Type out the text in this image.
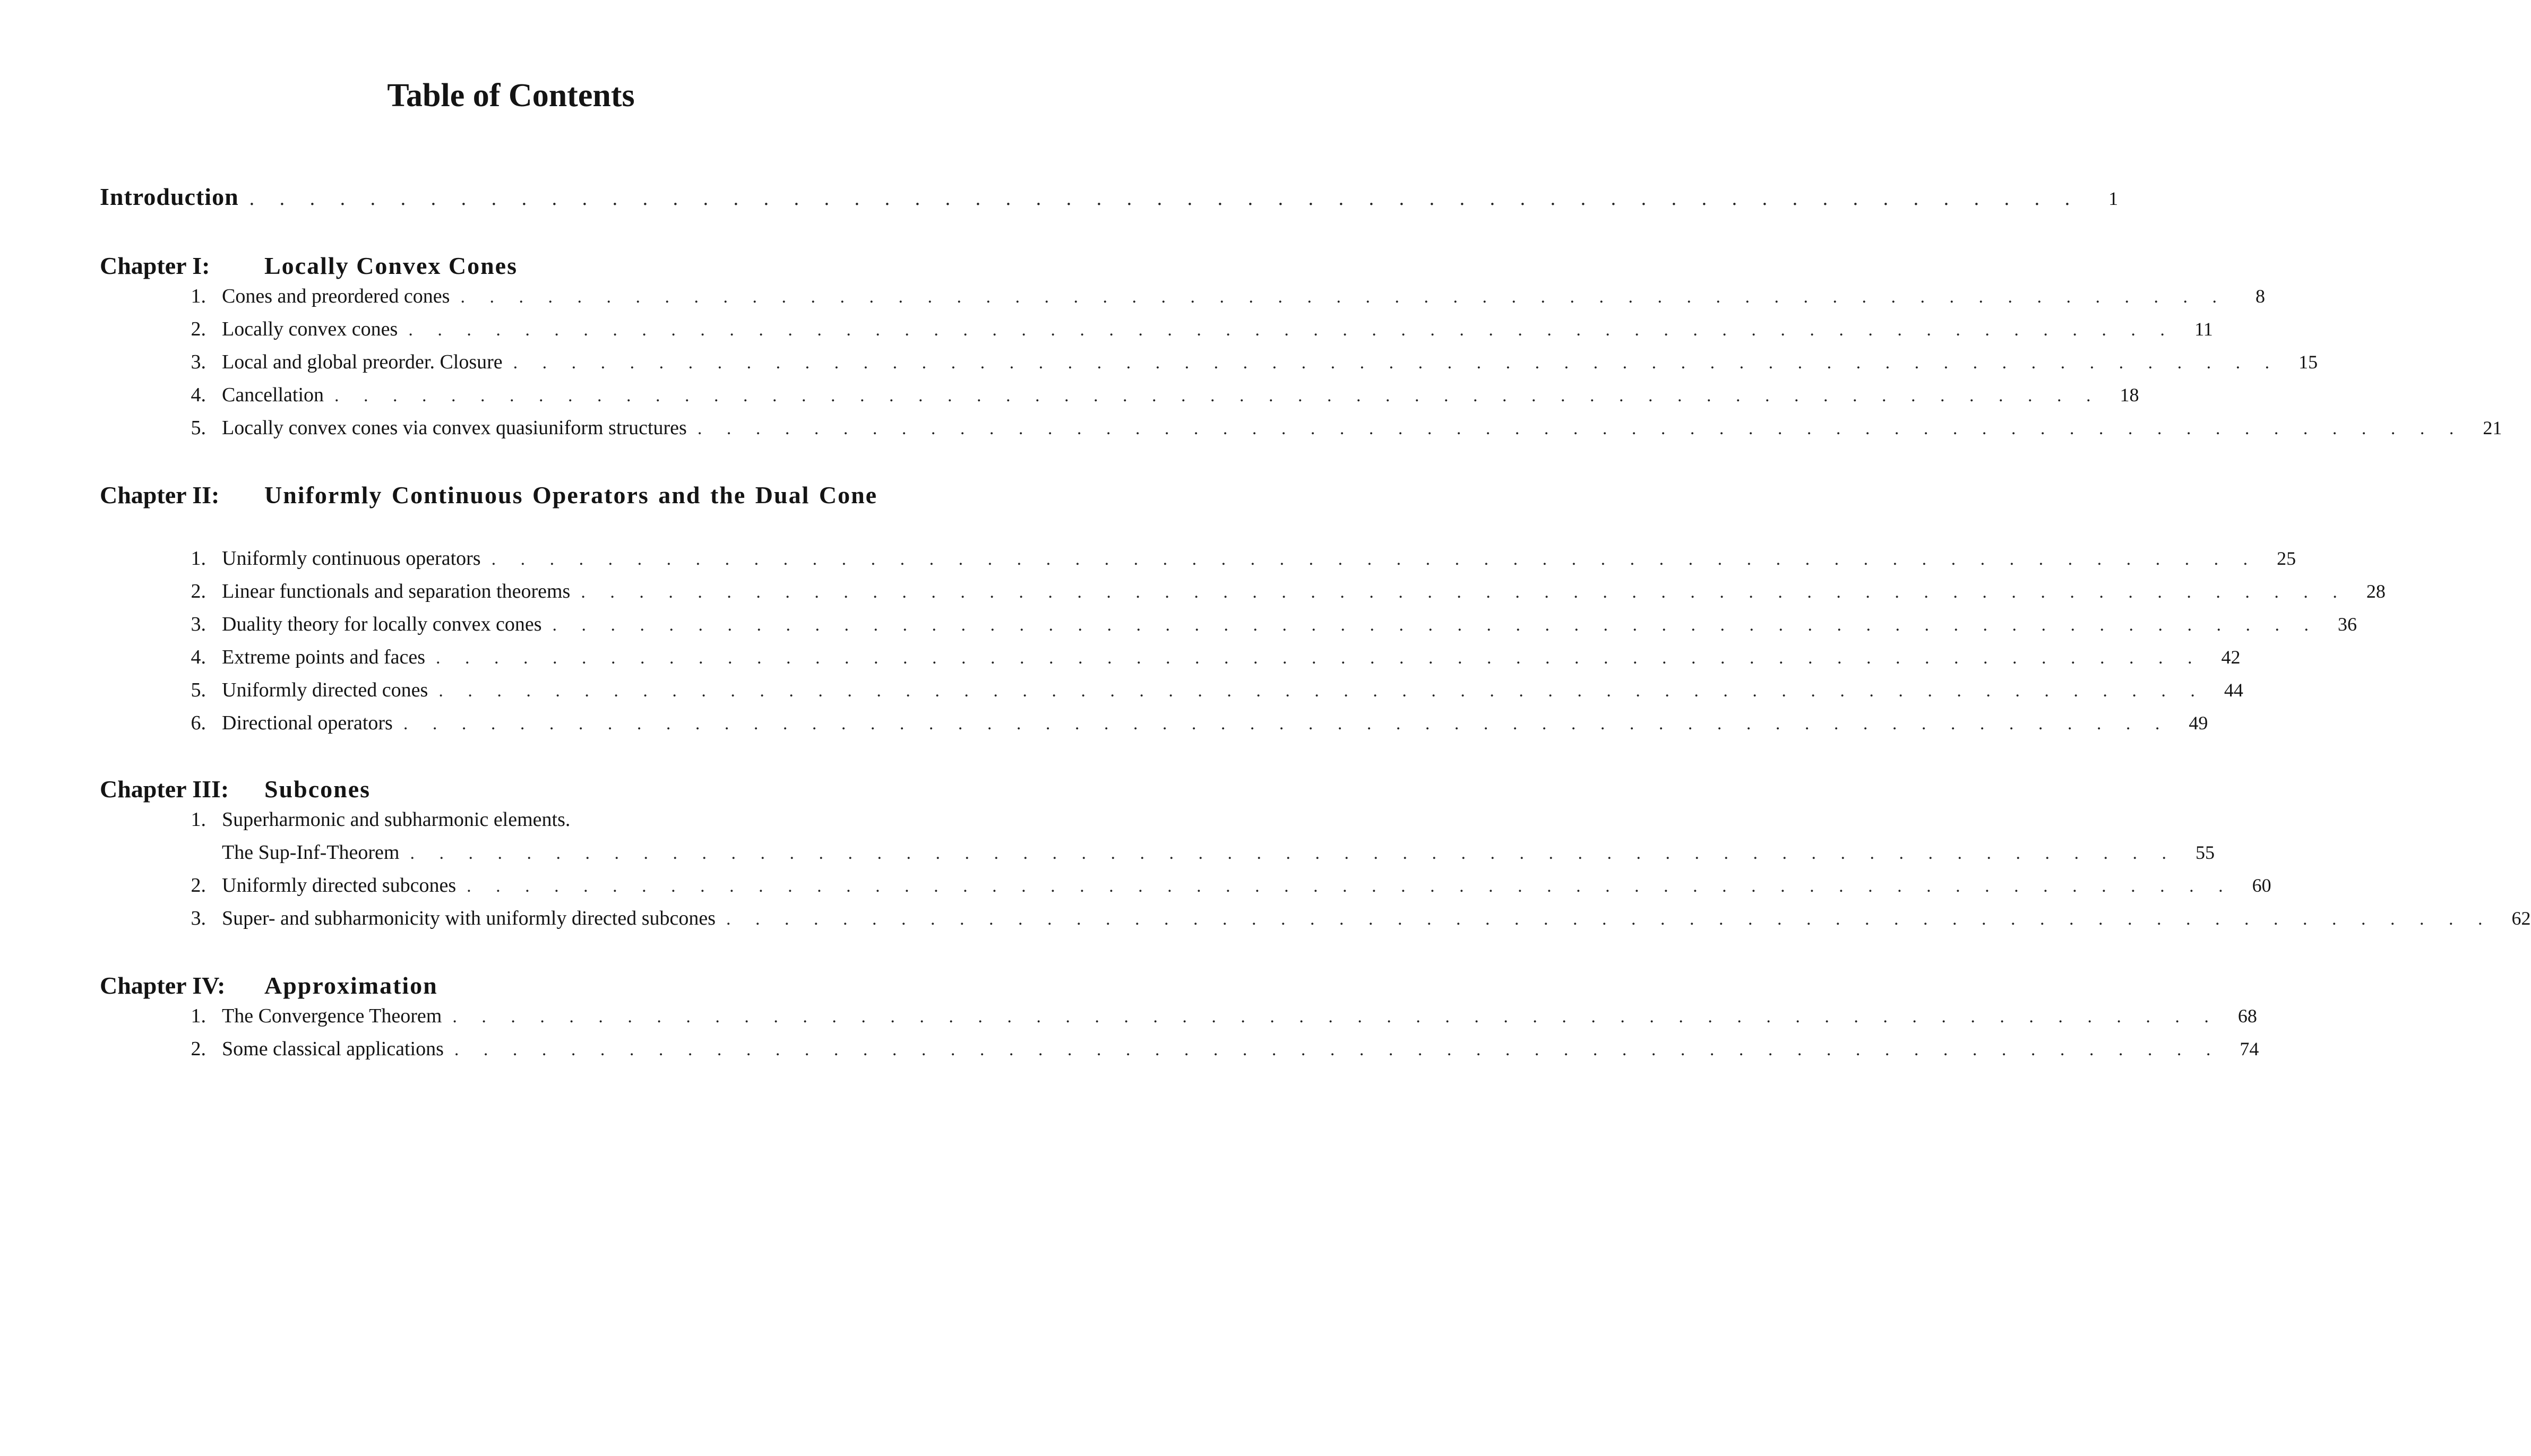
Table of Contents
Introduction . . . . . . . . . . . . . . . . . . . . . . . . . . . . . . . . . . . . . . . . . . . . . . . . . . . . . . . . . . . . .	1
Chapter I:	Locally Convex Cones
1. Cones and preordered cones . . . . . . . . . . . . . . . . . . . . . . . . . . . . . . . . . . . . . . . . . . . . . . . . . . . . . . . . . . . . .	8
2. Locally convex cones . . . . . . . . . . . . . . . . . . . . . . . . . . . . . . . . . . . . . . . . . . . . . . . . . . . . . . . . . . . . .	11
3. Local and global preorder. Closure . . . . . . . . . . . . . . . . . . . . . . . . . . . . . . . . . . . . . . . . . . . . . . . . . . . . . . . . . . . . .	15
4. Cancellation . . . . . . . . . . . . . . . . . . . . . . . . . . . . . . . . . . . . . . . . . . . . . . . . . . . . . . . . . . . . .	18
5. Locally convex cones via convex quasiuniform structures . . . . . . . . . . . . . . . . . . . . . . . . . . . . . . . . . . . . . . . . . . . . . . . . . . . . . . . . . . . . .	21
Chapter II:	Uniformly Continuous Operators and the Dual Cone
1. Uniformly continuous operators . . . . . . . . . . . . . . . . . . . . . . . . . . . . . . . . . . . . . . . . . . . . . . . . . . . . . . . . . . . . .	25
2. Linear functionals and separation theorems . . . . . . . . . . . . . . . . . . . . . . . . . . . . . . . . . . . . . . . . . . . . . . . . . . . . . . . . . . . . .	28
3. Duality theory for locally convex cones . . . . . . . . . . . . . . . . . . . . . . . . . . . . . . . . . . . . . . . . . . . . . . . . . . . . . . . . . . . . .	36
4. Extreme points and faces . . . . . . . . . . . . . . . . . . . . . . . . . . . . . . . . . . . . . . . . . . . . . . . . . . . . . . . . . . . . .	42
5. Uniformly directed cones . . . . . . . . . . . . . . . . . . . . . . . . . . . . . . . . . . . . . . . . . . . . . . . . . . . . . . . . . . . . .	44
6. Directional operators . . . . . . . . . . . . . . . . . . . . . . . . . . . . . . . . . . . . . . . . . . . . . . . . . . . . . . . . . . . . .	49
Chapter III:	Subcones
1. Superharmonic and subharmonic elements.
The Sup-Inf-Theorem . . . . . . . . . . . . . . . . . . . . . . . . . . . . . . . . . . . . . . . . . . . . . . . . . . . . . . . . . . . . .	55
2. Uniformly directed subcones . . . . . . . . . . . . . . . . . . . . . . . . . . . . . . . . . . . . . . . . . . . . . . . . . . . . . . . . . . . . .	60
3. Super- and subharmonicity with uniformly directed subcones . . . . . . . . . . . . . . . . . . . . . . . . . . . . . . . . . . . . . . . . . . . . . . . . . . . . . . . . . . . . .	62
Chapter IV:	Approximation
1. The Convergence Theorem . . . . . . . . . . . . . . . . . . . . . . . . . . . . . . . . . . . . . . . . . . . . . . . . . . . . . . . . . . . . .	68
2. Some classical applications . . . . . . . . . . . . . . . . . . . . . . . . . . . . . . . . . . . . . . . . . . . . . . . . . . . . . . . . . . . . .	74
